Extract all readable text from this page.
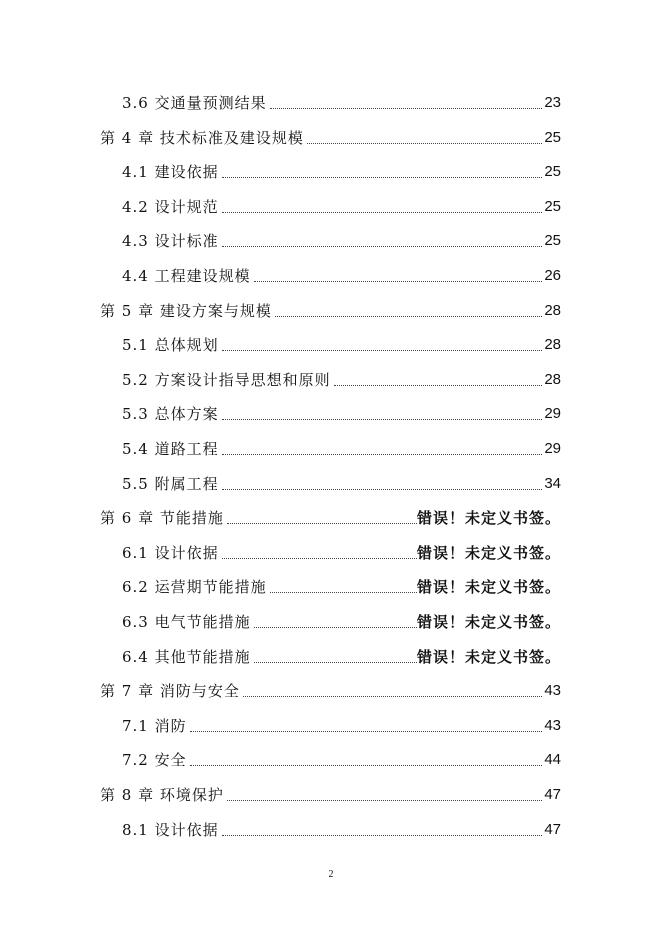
3.6 交通量预测结果	23
第 4 章 技术标准及建设规模	25
4.1 建设依据	25
4.2 设计规范	25
4.3 设计标准	25
4.4 工程建设规模	26
第 5 章 建设方案与规模	28
5.1 总体规划	28
5.2 方案设计指导思想和原则	28
5.3 总体方案	29
5.4 道路工程	29
5.5 附属工程	34
第 6 章 节能措施	错误！未定义书签。
6.1 设计依据	错误！未定义书签。
6.2 运营期节能措施	错误！未定义书签。
6.3 电气节能措施	错误！未定义书签。
6.4 其他节能措施	错误！未定义书签。
第 7 章 消防与安全	43
7.1 消防	43
7.2 安全	44
第 8 章 环境保护	47
8.1 设计依据	47
2
